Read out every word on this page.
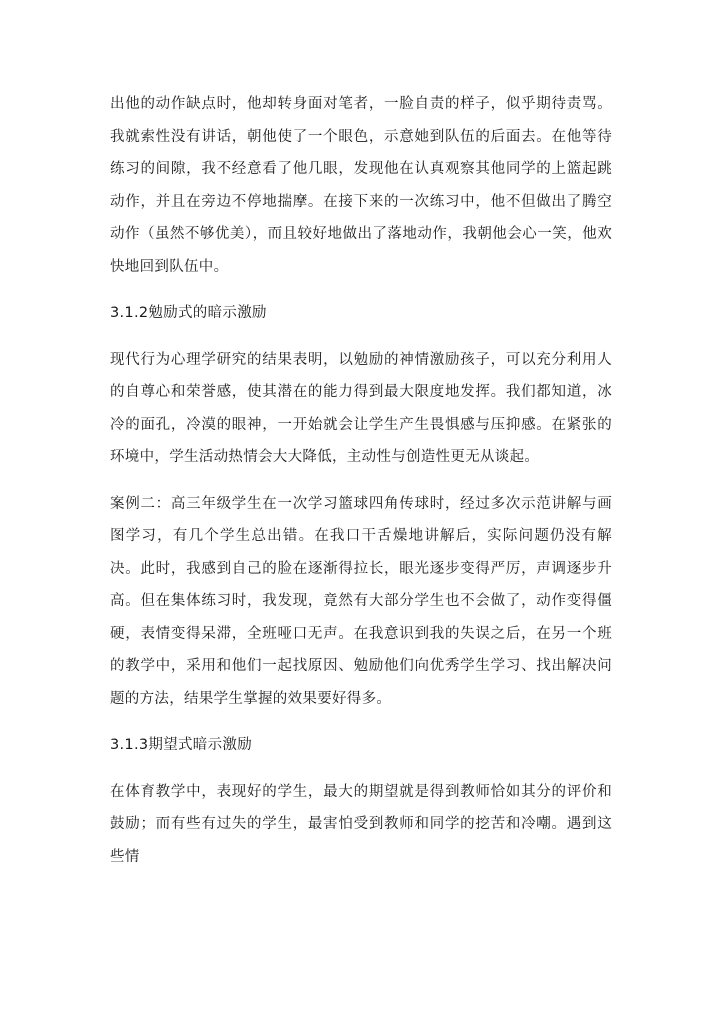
出他的动作缺点时，他却转身面对笔者，一脸自责的样子，似乎期待责骂。我就索性没有讲话，朝他使了一个眼色，示意她到队伍的后面去。在他等待练习的间隙，我不经意看了他几眼，发现他在认真观察其他同学的上篮起跳动作，并且在旁边不停地揣摩。在接下来的一次练习中，他不但做出了腾空动作（虽然不够优美），而且较好地做出了落地动作，我朝他会心一笑，他欢快地回到队伍中。

3.1.2勉励式的暗示激励

现代行为心理学研究的结果表明，以勉励的神情激励孩子，可以充分利用人的自尊心和荣誉感，使其潜在的能力得到最大限度地发挥。我们都知道，冰冷的面孔，冷漠的眼神，一开始就会让学生产生畏惧感与压抑感。在紧张的环境中，学生活动热情会大大降低，主动性与创造性更无从谈起。

案例二：高三年级学生在一次学习篮球四角传球时，经过多次示范讲解与画图学习，有几个学生总出错。在我口干舌燥地讲解后，实际问题仍没有解决。此时，我感到自己的脸在逐渐得拉长，眼光逐步变得严厉，声调逐步升高。但在集体练习时，我发现，竟然有大部分学生也不会做了，动作变得僵硬，表情变得呆滞，全班哑口无声。在我意识到我的失误之后，在另一个班的教学中，采用和他们一起找原因、勉励他们向优秀学生学习、找出解决问题的方法，结果学生掌握的效果要好得多。

3.1.3期望式暗示激励

在体育教学中，表现好的学生，最大的期望就是得到教师恰如其分的评价和鼓励；而有些有过失的学生，最害怕受到教师和同学的挖苦和冷嘲。遇到这些情
